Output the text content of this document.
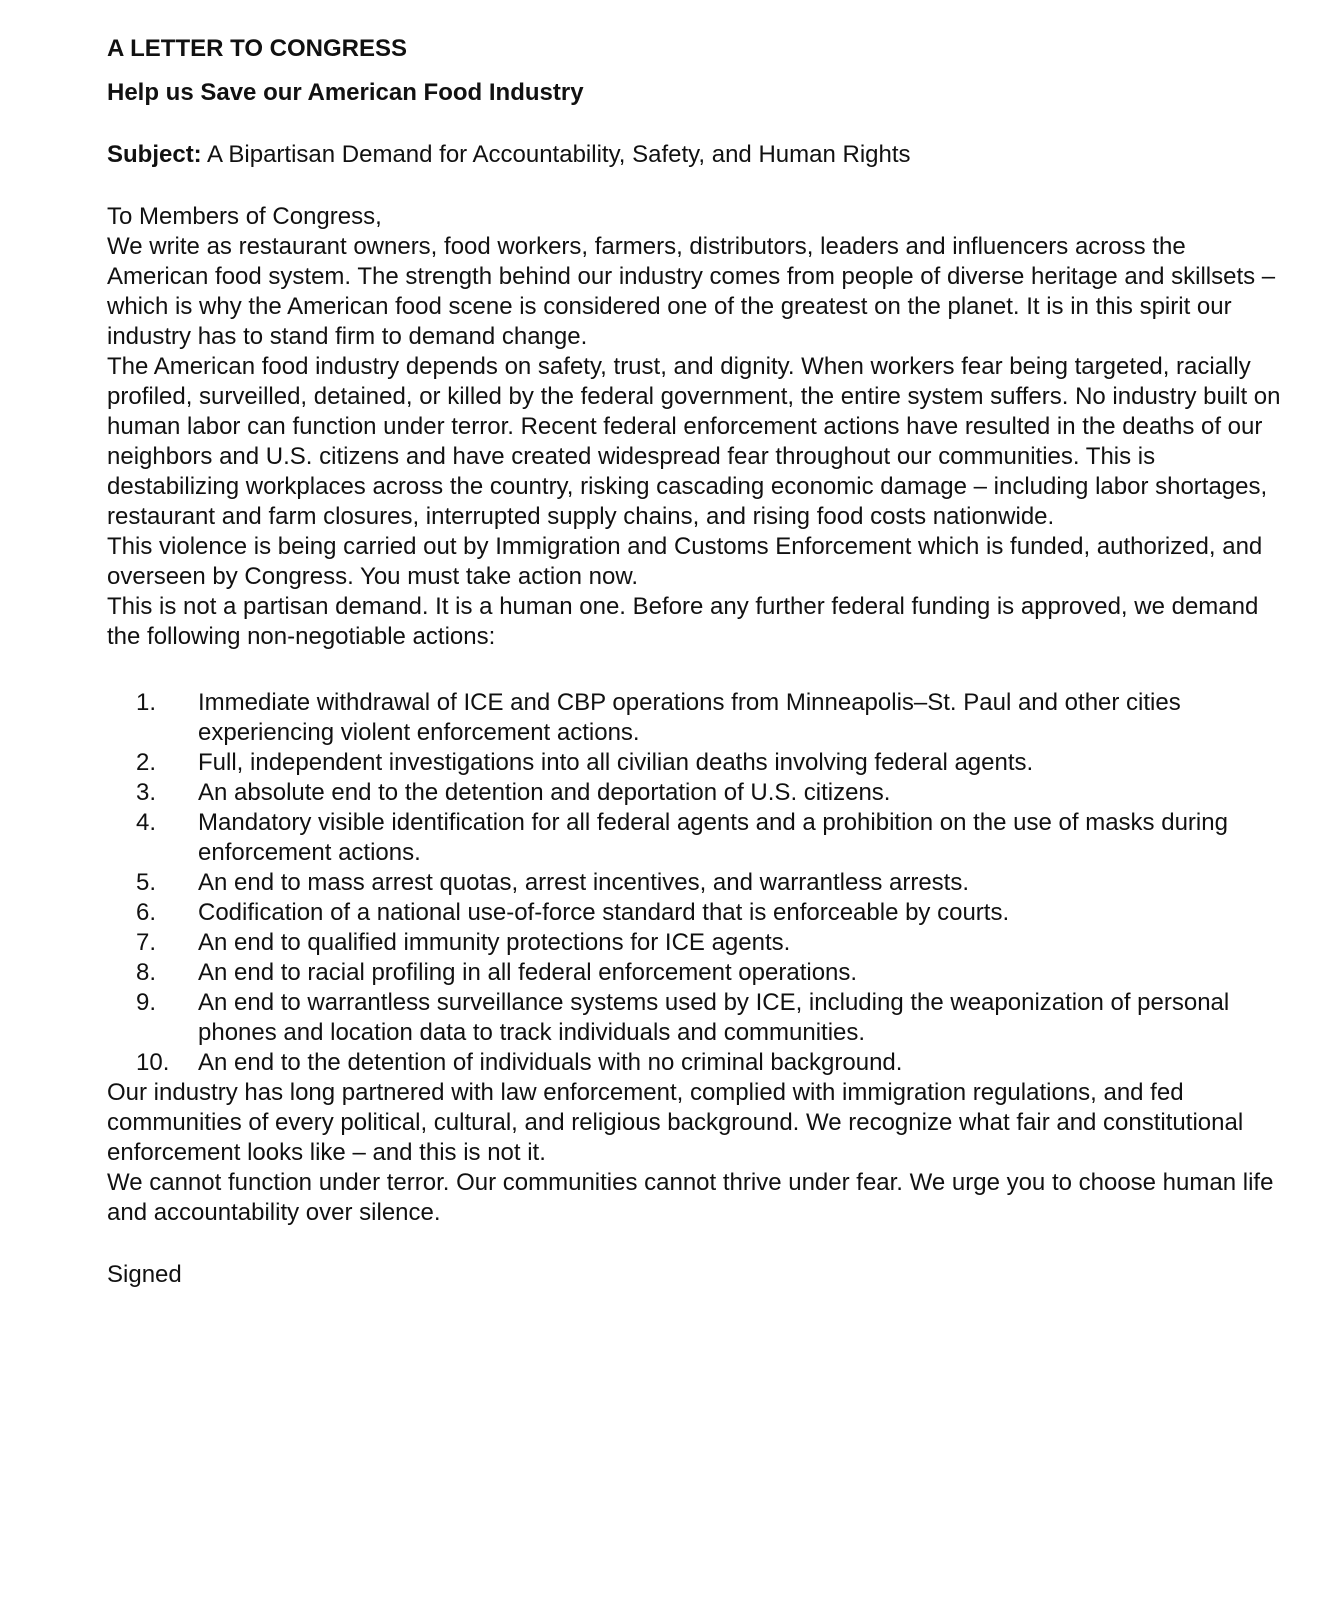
A LETTER TO CONGRESS
Help us Save our American Food Industry
Subject: A Bipartisan Demand for Accountability, Safety, and Human Rights
To Members of Congress,

We write as restaurant owners, food workers, farmers, distributors, leaders and influencers across the American food system. The strength behind our industry comes from people of diverse heritage and skillsets – which is why the American food scene is considered one of the greatest on the planet. It is in this spirit our industry has to stand firm to demand change.

The American food industry depends on safety, trust, and dignity. When workers fear being targeted, racially profiled, surveilled, detained, or killed by the federal government, the entire system suffers. No industry built on human labor can function under terror. Recent federal enforcement actions have resulted in the deaths of our neighbors and U.S. citizens and have created widespread fear throughout our communities. This is destabilizing workplaces across the country, risking cascading economic damage – including labor shortages, restaurant and farm closures, interrupted supply chains, and rising food costs nationwide.

This violence is being carried out by Immigration and Customs Enforcement which is funded, authorized, and overseen by Congress. You must take action now.

This is not a partisan demand. It is a human one. Before any further federal funding is approved, we demand the following non-negotiable actions:

1. Immediate withdrawal of ICE and CBP operations from Minneapolis–St. Paul and other cities experiencing violent enforcement actions.
2. Full, independent investigations into all civilian deaths involving federal agents.
3. An absolute end to the detention and deportation of U.S. citizens.
4. Mandatory visible identification for all federal agents and a prohibition on the use of masks during enforcement actions.
5. An end to mass arrest quotas, arrest incentives, and warrantless arrests.
6. Codification of a national use-of-force standard that is enforceable by courts.
7. An end to qualified immunity protections for ICE agents.
8. An end to racial profiling in all federal enforcement operations.
9. An end to warrantless surveillance systems used by ICE, including the weaponization of personal phones and location data to track individuals and communities.
10. An end to the detention of individuals with no criminal background.

Our industry has long partnered with law enforcement, complied with immigration regulations, and fed communities of every political, cultural, and religious background. We recognize what fair and constitutional enforcement looks like – and this is not it.

We cannot function under terror. Our communities cannot thrive under fear. We urge you to choose human life and accountability over silence.

Signed
